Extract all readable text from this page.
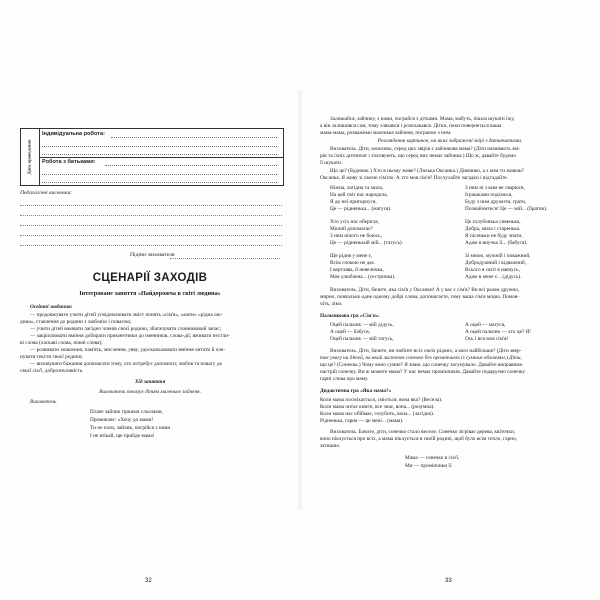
Дата проведення
Індивідуальна робота:
Робота з батьками:
Педагогічні висновки:
Підпис вихователя
СЦЕНАРІЇ ЗАХОДІВ
Інтегроване заняття «Найдорожча в світі людина»
Освітні завдання:
— продовжувати учити дітей усвідомлювати зміст понять «сім'я», «мати» «рідна лю-
дина», ставлення до родини з любов'ю і повагою;
— учити дітей вживати лагідно членів своєї родини, збагачувати словниковий запас;
— закріплювати вміння добирати прикметники до іменників, слова-дії; вживати пестли-
ві слова (ласкаві слова, ніжні слова);
— розвивати мовлення, пам'ять, мислення, уяву, удосконалювати вміння читати й чле-
нувати тексти своєї родини;
— виховувати бажання допомагати тому, хто потребує допомоги; любов та повагу до
своєї сім'ї, доброзичливість.
Хід заняття
Вихователь показує дітям маленьке зайченя.
Вихователь
Плаче зайчик гіркими сльозами,
Промовляє: «Хочу до мами!
Ти не плач, зайчик, погрійся з нами
І не втікай, ще прийде мама!
32
Залишайся, зайчику, з нами, пограйся з дітками. Мама, мабуть, пішла шукати їжу,
а він залишився сам, тому злякався і розплакався. Дітки, поки повернеться ваша
мама-мама, розважимо маленьке зайченя, пограємо з ним.
Розглядання картинок, на яких зображені звірі з дитинчатами.
Вихователь. Діти, можливо, серед цих звірів є зайчикова мама? (Діти називають звi-
рів та їхніх дитинчат і з'ясовують, що серед них немає зайчика.) Що ж, давайте будемо
її шукати.
Що це? (Будинок.) Хто в ньому живе? (Лялька Оксанка.) Дівчинко, а з ким ти живеш?
Оксанка. Я живу зі своєю сім'єю. А хто моя сім'я? Послухайте загадки і відгадайте.
Ніжна, лагідна та мила,
На цей світ нас народила,
Я до неї пригорнуся,
Це — рідненька... (матуся).
Хто усіх нас оберігає,
Милий допомагає?
З ним нічого не боюсь,
Це — рідненький мій... (татусь).
Ще рідня у мене є,
Всім спокою не дає.
І вертлява, й невеличка,
Моя улюблена... (сестричка).
З ним ні з ким не сварюся,
Іграшками поділюся,
Буду з ним дружити, грати,
Познайомтеся! Це — мій... (братик).
Це голубонька сивенька,
Добра, мила і старенька.
Я пісеньки не буду знати,
Адже я внучка її... (бабуся).
Зі мною, мужній і поважний,
Добродушний і відважний,
Всього в світі я навчусь,
Адже в мене є... (дідусь).
Вихователь. Діти, бачите, яка сім'я у Оксанки! А у вас є сім'я? Ви всі разом дружно,
мирно, повчально одне одному добрі слова, допомагаєте, тому ваша сім'я міцна. Помов-
чіть, ліки.
Пальчикова гра «Сім'я».
Оцей пальчик — мій дідусь,
А оцей — бабуся,
Оцей пальчик — мій татусь,
А оцей — матуся,
А оцей пальчик — хто це? Я!
Ось і вся моя сім'я!
Вихователь. Діти, бачите, ви любите всіх своїх рідних, а кого найбільше? (Діти звер-
тає увагу на дітей, на який листочок сонечко без промінчиків із сумним обличчям.) Діти,
що це? (Сонечко.) Чому воно сумне? Я знаю, що сонечку засумувало. Давайте виправимо
настрій сонечку. Ви ж можете мама? У нас немає промінчиків. Давайте подаруємо сонечку
гарні слова про маму.
Дидактична гра «Яка мама?»
Коли мама посміхається, сміється, вона яка? (Весела).
Коли мама читає книги, все знає, вона... (розумна).
Коли мама нас обіймає, голубить, вона... (лагідна).
Рідненька, гарна — це мені... (мама).
Вихователь. Бачите, діти, сонечко стало веселе. Сонечко зігріває дерева, квіточки,
воно піклується про всіх, а мама піклується в своїй родині, щоб було всім тепло, гарно,
затишно.
Мама — сонечко в сім'ї,
Ми — промінчики її.
33
